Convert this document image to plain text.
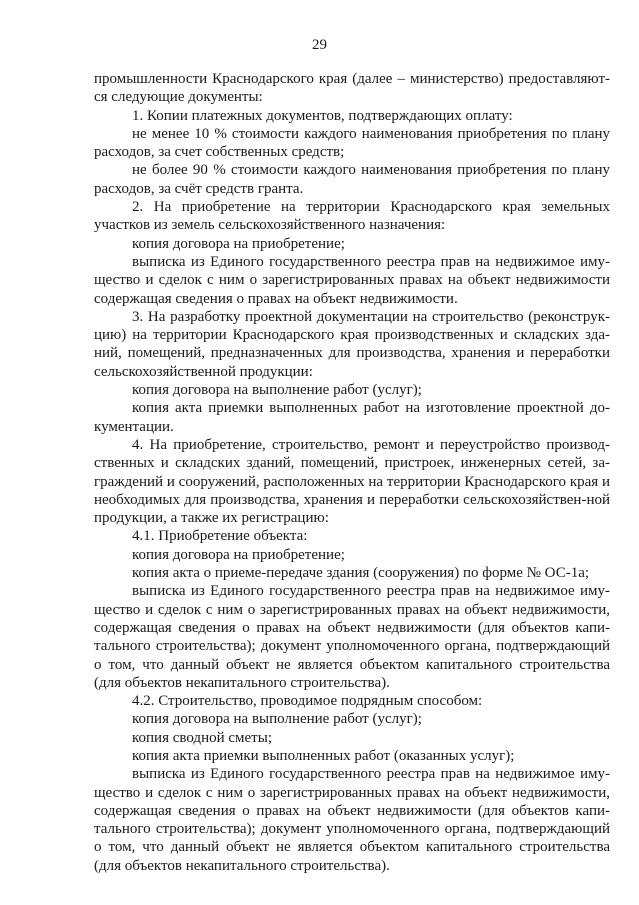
29

промышленности Краснодарского края (далее – министерство) предоставляют-ся следующие документы:

1. Копии платежных документов, подтверждающих оплату:

не менее 10 % стоимости каждого наименования приобретения по плану расходов, за счет собственных средств;

не более 90 % стоимости каждого наименования приобретения по плану расходов, за счёт средств гранта.

2. На приобретение на территории Краснодарского края земельных участков из земель сельскохозяйственного назначения:

копия договора на приобретение;

выписка из Единого государственного реестра прав на недвижимое иму-щество и сделок с ним о зарегистрированных правах на объект недвижимости содержащая сведения о правах на объект недвижимости.

3. На разработку проектной документации на строительство (реконструк-цию) на территории Краснодарского края производственных и складских зда-ний, помещений, предназначенных для производства, хранения и переработки сельскохозяйственной продукции:

копия договора на выполнение работ (услуг);

копия акта приемки выполненных работ на изготовление проектной до-кументации.

4. На приобретение, строительство, ремонт и переустройство производ-ственных и складских зданий, помещений, пристроек, инженерных сетей, за-граждений и сооружений, расположенных на территории Краснодарского края и необходимых для производства, хранения и переработки сельскохозяйствен-ной продукции, а также их регистрацию:

4.1. Приобретение объекта:

копия договора на приобретение;

копия акта о приеме-передаче здания (сооружения) по форме № ОС-1а;

выписка из Единого государственного реестра прав на недвижимое иму-щество и сделок с ним о зарегистрированных правах на объект недвижимости, содержащая сведения о правах на объект недвижимости (для объектов капи-тального строительства); документ уполномоченного органа, подтверждающий о том, что данный объект не является объектом капитального строительства (для объектов некапитального строительства).

4.2. Строительство, проводимое подрядным способом:

копия договора на выполнение работ (услуг);

копия сводной сметы;

копия акта приемки выполненных работ (оказанных услуг);

выписка из Единого государственного реестра прав на недвижимое иму-щество и сделок с ним о зарегистрированных правах на объект недвижимости, содержащая сведения о правах на объект недвижимости (для объектов капи-тального строительства); документ уполномоченного органа, подтверждающий о том, что данный объект не является объектом капитального строительства (для объектов некапитального строительства).
